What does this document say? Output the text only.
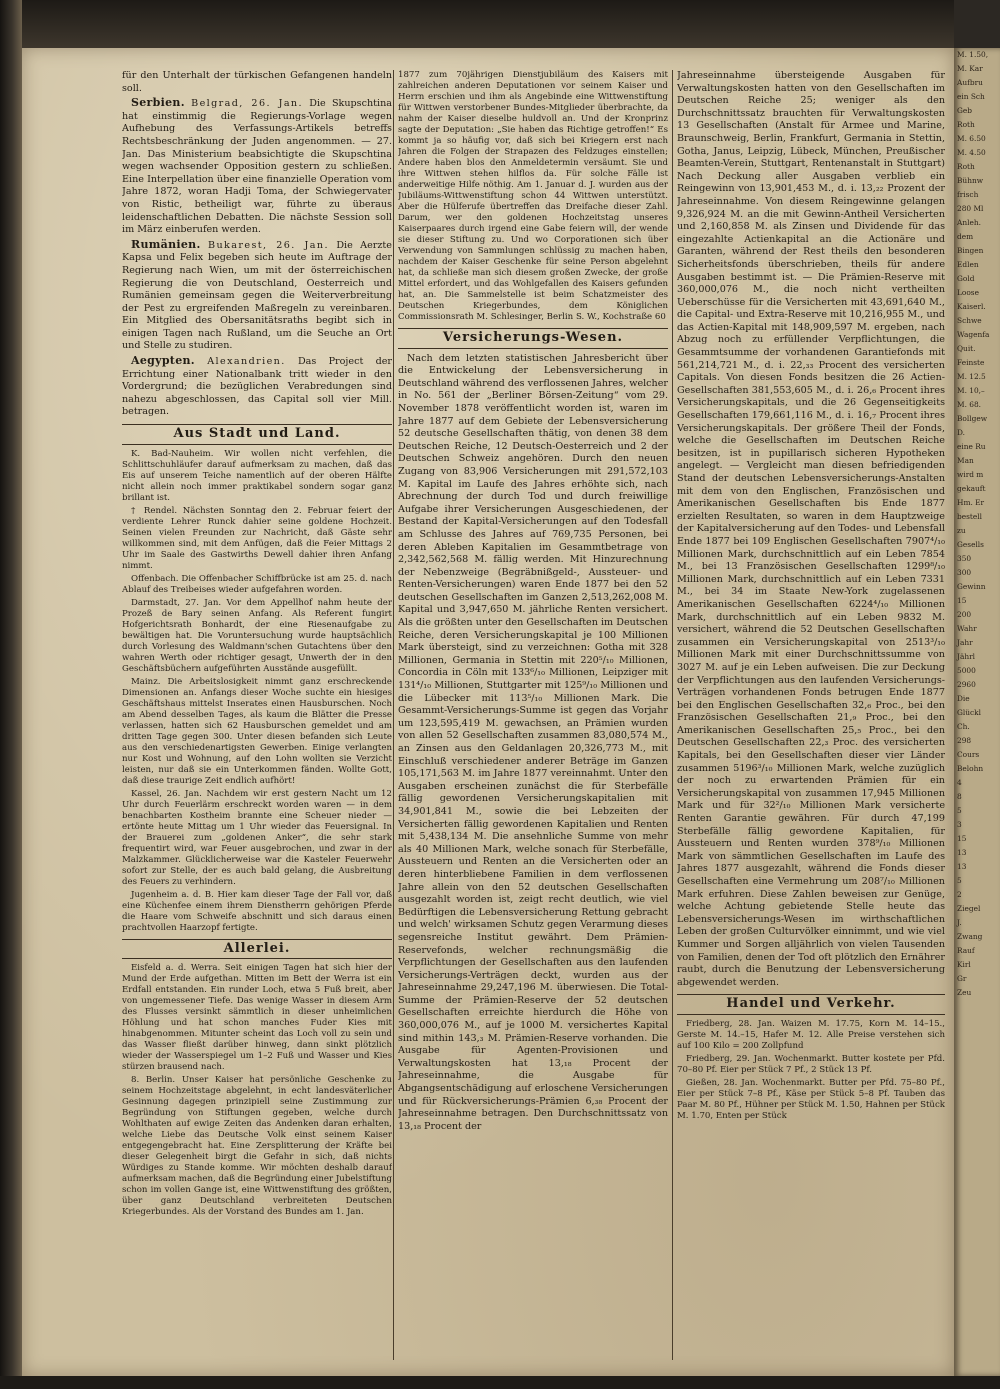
für den Unterhalt der türkischen Gefangenen handeln soll.

Serbien. Belgrad, 26. Jan. Die Skupschtina hat einstimmig die Regierungs-Vorlage wegen Aufhebung des Verfassungs-Artikels betreffs Rechtsbeschränkung der Juden angenommen. — 27. Jan. Das Ministerium beabsichtigte die Skupschtina wegen wachsender Opposition gestern zu schließen. Eine Interpellation über eine finanzielle Operation vom Jahre 1872, woran Hadji Toma, der Schwiegervater von Ristic, betheiligt war, führte zu überaus leidenschaftlichen Debatten. Die nächste Session soll im März einberufen werden.

Rumänien. Bukarest, 26. Jan. Die Aerzte Kapsa und Felix begeben sich heute im Auftrage der Regierung nach Wien, um mit der österreichischen Regierung die von Deutschland, Oesterreich und Rumänien gemeinsam gegen die Weiterverbreitung der Pest zu ergreifenden Maßregeln zu vereinbaren. Ein Mitglied des Obersanitätsraths begibt sich in einigen Tagen nach Rußland, um die Seuche an Ort und Stelle zu studiren.

Aegypten. Alexandrien. Das Project der Errichtung einer Nationalbank tritt wieder in den Vordergrund; die bezüglichen Verabredungen sind nahezu abgeschlossen, das Capital soll vier Mill. betragen.

Aus Stadt und Land.

K. Bad-Nauheim. Wir wollen nicht verfehlen, die Schlittschuhläufer darauf aufmerksam zu machen, daß das Eis auf unserem Teiche namentlich auf der oberen Hälfte nicht allein noch immer praktikabel sondern sogar ganz brillant ist.

† Rendel. Nächsten Sonntag den 2. Februar feiert der verdiente Lehrer Runck dahier seine goldene Hochzeit. Seinen vielen Freunden zur Nachricht, daß Gäste sehr willkommen sind, mit dem Anfügen, daß die Feier Mittags 2 Uhr im Saale des Gastwirths Dewell dahier ihren Anfang nimmt.

Offenbach. Die Offenbacher Schiffbrücke ist am 25. d. nach Ablauf des Treibeises wieder aufgefahren worden.

Darmstadt, 27. Jan. Vor dem Appellhof nahm heute der Prozeß de Bary seinen Anfang. Als Referent fungirt Hofgerichtsrath Bonhardt, der eine Riesenaufgabe zu bewältigen hat. Die Voruntersuchung wurde hauptsächlich durch Vorlesung des Waldmann'schen Gutachtens über den wahren Werth oder richtiger gesagt, Unwerth der in den Geschäftsbüchern aufgeführten Ausstände ausgefüllt.

Mainz. Die Arbeitslosigkeit nimmt ganz erschreckende Dimensionen an. Anfangs dieser Woche suchte ein hiesiges Geschäftshaus mittelst Inserates einen Hausburschen. Noch am Abend desselben Tages, als kaum die Blätter die Presse verlassen, hatten sich 62 Hausburschen gemeldet und am dritten Tage gegen 300. Unter diesen befanden sich Leute aus den verschiedenartigsten Gewerben. Einige verlangten nur Kost und Wohnung, auf den Lohn wollten sie Verzicht leisten, nur daß sie ein Unterkommen fänden. Wollte Gott, daß diese traurige Zeit endlich aufhört!

Kassel, 26. Jan. Nachdem wir erst gestern Nacht um 12 Uhr durch Feuerlärm erschreckt worden waren — in dem benachbarten Kostheim brannte eine Scheuer nieder — ertönte heute Mittag um 1 Uhr wieder das Feuersignal. In der Brauerei zum „goldenen Anker“, die sehr stark frequentirt wird, war Feuer ausgebrochen, und zwar in der Malzkammer. Glücklicherweise war die Kasteler Feuerwehr sofort zur Stelle, der es auch bald gelang, die Ausbreitung des Feuers zu verhindern.

Jugenheim a. d. B. Hier kam dieser Tage der Fall vor, daß eine Küchenfee einem ihrem Dienstherrn gehörigen Pferde die Haare vom Schweife abschnitt und sich daraus einen prachtvollen Haarzopf fertigte.

Allerlei.

Eisfeld a. d. Werra. Seit einigen Tagen hat sich hier der Mund der Erde aufgethan. Mitten im Bett der Werra ist ein Erdfall entstanden. Ein runder Loch, etwa 5 Fuß breit, aber von ungemessener Tiefe. Das wenige Wasser in diesem Arm des Flusses versinkt sämmtlich in dieser unheimlichen Höhlung und hat schon manches Fuder Kies mit hinabgenommen. Mitunter scheint das Loch voll zu sein und das Wasser fließt darüber hinweg, dann sinkt plötzlich wieder der Wasserspiegel um 1–2 Fuß und Wasser und Kies stürzen brausend nach.

8. Berlin. Unser Kaiser hat persönliche Geschenke zu seinem Hochzeitstage abgelehnt, in echt landesväterlicher Gesinnung dagegen prinzipiell seine Zustimmung zur Begründung von Stiftungen gegeben, welche durch Wohlthaten auf ewige Zeiten das Andenken daran erhalten, welche Liebe das Deutsche Volk einst seinem Kaiser entgegengebracht hat. Eine Zersplitterung der Kräfte bei dieser Gelegenheit birgt die Gefahr in sich, daß nichts Würdiges zu Stande komme. Wir möchten deshalb darauf aufmerksam machen, daß die Begründung einer Jubelstiftung schon im vollen Gange ist, eine Wittwenstiftung des größten, über ganz Deutschland verbreiteten Deutschen Kriegerbundes. Als der Vorstand des Bundes am 1. Jan.

1877 zum 70jährigen Dienstjubiläum des Kaisers mit zahlreichen anderen Deputationen vor seinem Kaiser und Herrn erschien und ihm als Angebinde eine Wittwenstiftung für Wittwen verstorbener Bundes-Mitglieder überbrachte, da nahm der Kaiser dieselbe huldvoll an. Und der Kronprinz sagte der Deputation: „Sie haben das Richtige getroffen!“ Es kommt ja so häufig vor, daß sich bei Kriegern erst nach Jahren die Folgen der Strapazen des Feldzuges einstellen; Andere haben blos den Anmeldetermin versäumt. Sie und ihre Wittwen stehen hilflos da. Für solche Fälle ist anderweitige Hilfe nöthig. Am 1. Januar d. J. wurden aus der Jubiläums-Wittwenstiftung schon 44 Wittwen unterstützt. Aber die Hülferufe übertreffen das Dreifache dieser Zahl. Darum, wer den goldenen Hochzeitstag unseres Kaiserpaares durch irgend eine Gabe feiern will, der wende sie dieser Stiftung zu. Und wo Corporationen sich über Verwendung von Sammlungen schlüssig zu machen haben, nachdem der Kaiser Geschenke für seine Person abgelehnt hat, da schließe man sich diesem großen Zwecke, der große Mittel erfordert, und das Wohlgefallen des Kaisers gefunden hat, an. Die Sammelstelle ist beim Schatzmeister des Deutschen Kriegerbundes, dem Königlichen Commissionsrath M. Schlesinger, Berlin S. W., Kochstraße 60

Versicherungs-Wesen.

Nach dem letzten statistischen Jahresbericht über die Entwickelung der Lebensversicherung in Deutschland während des verflossenen Jahres, welcher in No. 561 der „Berliner Börsen-Zeitung“ vom 29. November 1878 veröffentlicht worden ist, waren im Jahre 1877 auf dem Gebiete der Lebensversicherung 52 deutsche Gesellschaften thätig, von denen 38 dem Deutschen Reiche, 12 Deutsch-Oesterreich und 2 der Deutschen Schweiz angehören. Durch den neuen Zugang von 83,906 Versicherungen mit 291,572,103 M. Kapital im Laufe des Jahres erhöhte sich, nach Abrechnung der durch Tod und durch freiwillige Aufgabe ihrer Versicherungen Ausgeschiedenen, der Bestand der Kapital-Versicherungen auf den Todesfall am Schlusse des Jahres auf 769,735 Personen, bei deren Ableben Kapitalien im Gesammtbetrage von 2,342,562,568 M. fällig werden. Mit Hinzurechnung der Nebenzweige (Begräbnißgeld-, Aussteuer- und Renten-Versicherungen) waren Ende 1877 bei den 52 deutschen Gesellschaften im Ganzen 2,513,262,008 M. Kapital und 3,947,650 M. jährliche Renten versichert. Als die größten unter den Gesellschaften im Deutschen Reiche, deren Versicherungskapital je 100 Millionen Mark übersteigt, sind zu verzeichnen: Gotha mit 328 Millionen, Germania in Stettin mit 220⁵/₁₀ Millionen, Concordia in Cöln mit 133⁶/₁₀ Millionen, Leipziger mit 131⁴/₁₀ Millionen, Stuttgarter mit 125⁹/₁₀ Millionen und die Lübecker mit 113⁵/₁₀ Millionen Mark. Die Gesammt-Versicherungs-Summe ist gegen das Vorjahr um 123,595,419 M. gewachsen, an Prämien wurden von allen 52 Gesellschaften zusammen 83,080,574 M., an Zinsen aus den Geldanlagen 20,326,773 M., mit Einschluß verschiedener anderer Beträge im Ganzen 105,171,563 M. im Jahre 1877 vereinnahmt. Unter den Ausgaben erscheinen zunächst die für Sterbefälle fällig gewordenen Versicherungskapitalien mit 34,901,841 M., sowie die bei Lebzeiten der Versicherten fällig gewordenen Kapitalien und Renten mit 5,438,134 M. Die ansehnliche Summe von mehr als 40 Millionen Mark, welche sonach für Sterbefälle, Aussteuern und Renten an die Versicherten oder an deren hinterbliebene Familien in dem verflossenen Jahre allein von den 52 deutschen Gesellschaften ausgezahlt worden ist, zeigt recht deutlich, wie viel Bedürftigen die Lebensversicherung Rettung gebracht und welch' wirksamen Schutz gegen Verarmung dieses segensreiche Institut gewährt. Dem Prämien-Reservefonds, welcher rechnungsmäßig die Verpflichtungen der Gesellschaften aus den laufenden Versicherungs-Verträgen deckt, wurden aus der Jahreseinnahme 29,247,196 M. überwiesen. Die Total-Summe der Prämien-Reserve der 52 deutschen Gesellschaften erreichte hierdurch die Höhe von 360,000,076 M., auf je 1000 M. versichertes Kapital sind mithin 143,₃ M. Prämien-Reserve vorhanden. Die Ausgabe für Agenten-Provisionen und Verwaltungskosten hat 13,₁₈ Procent der Jahreseinnahme, die Ausgabe für Abgangsentschädigung auf erloschene Versicherungen und für Rückversicherungs-Prämien 6,₃₈ Procent der Jahreseinnahme betragen. Den Durchschnittssatz von 13,₁₈ Procent der

Jahreseinnahme übersteigende Ausgaben für Verwaltungskosten hatten von den Gesellschaften im Deutschen Reiche 25; weniger als den Durchschnittssatz brauchten für Verwaltungskosten 13 Gesellschaften (Anstalt für Armee und Marine, Braunschweig, Berlin, Frankfurt, Germania in Stettin, Gotha, Janus, Leipzig, Lübeck, München, Preußischer Beamten-Verein, Stuttgart, Rentenanstalt in Stuttgart) Nach Deckung aller Ausgaben verblieb ein Reingewinn von 13,901,453 M., d. i. 13,₂₂ Prozent der Jahreseinnahme. Von diesem Reingewinne gelangen 9,326,924 M. an die mit Gewinn-Antheil Versicherten und 2,160,858 M. als Zinsen und Dividende für das eingezahlte Actienkapital an die Actionäre und Garanten, während der Rest theils den besonderen Sicherheitsfonds überschrieben, theils für andere Ausgaben bestimmt ist. — Die Prämien-Reserve mit 360,000,076 M., die noch nicht vertheilten Ueberschüsse für die Versicherten mit 43,691,640 M., die Capital- und Extra-Reserve mit 10,216,955 M., und das Actien-Kapital mit 148,909,597 M. ergeben, nach Abzug noch zu erfüllender Verpflichtungen, die Gesammtsumme der vorhandenen Garantiefonds mit 561,214,721 M., d. i. 22,₃₃ Procent des versicherten Capitals. Von diesen Fonds besitzen die 26 Actien-Gesellschaften 381,553,605 M., d. i. 26,₆ Procent ihres Versicherungskapitals, und die 26 Gegenseitigkeits Gesellschaften 179,661,116 M., d. i. 16,₇ Procent ihres Versicherungskapitals. Der größere Theil der Fonds, welche die Gesellschaften im Deutschen Reiche besitzen, ist in pupillarisch sicheren Hypotheken angelegt. — Vergleicht man diesen befriedigenden Stand der deutschen Lebensversicherungs-Anstalten mit dem von den Englischen, Französischen und Amerikanischen Gesellschaften bis Ende 1877 erzielten Resultaten, so waren in dem Hauptzweige der Kapitalversicherung auf den Todes- und Lebensfall Ende 1877 bei 109 Englischen Gesellschaften 7907⁴/₁₀ Millionen Mark, durchschnittlich auf ein Leben 7854 M., bei 13 Französischen Gesellschaften 1299⁸/₁₀ Millionen Mark, durchschnittlich auf ein Leben 7331 M., bei 34 im Staate New-York zugelassenen Amerikanischen Gesellschaften 6224⁴/₁₀ Millionen Mark, durchschnittlich auf ein Leben 9832 M. versichert, während die 52 Deutschen Gesellschaften zusammen ein Versicherungskapital von 2513³/₁₀ Millionen Mark mit einer Durchschnittssumme von 3027 M. auf je ein Leben aufweisen. Die zur Deckung der Verpflichtungen aus den laufenden Versicherungs-Verträgen vorhandenen Fonds betrugen Ende 1877 bei den Englischen Gesellschaften 32,₆ Proc., bei den Französischen Gesellschaften 21,₉ Proc., bei den Amerikanischen Gesellschaften 25,₅ Proc., bei den Deutschen Gesellschaften 22,₃ Proc. des versicherten Kapitals, bei den Gesellschaften dieser vier Länder zusammen 5196³/₁₀ Millionen Mark, welche zuzüglich der noch zu erwartenden Prämien für ein Versicherungskapital von zusammen 17,945 Millionen Mark und für 32²/₁₀ Millionen Mark versicherte Renten Garantie gewähren. Für durch 47,199 Sterbefälle fällig gewordene Kapitalien, für Aussteuern und Renten wurden 378⁹/₁₀ Millionen Mark von sämmtlichen Gesellschaften im Laufe des Jahres 1877 ausgezahlt, während die Fonds dieser Gesellschaften eine Vermehrung um 208⁷/₁₀ Millionen Mark erfuhren. Diese Zahlen beweisen zur Genüge, welche Achtung gebietende Stelle heute das Lebensversicherungs-Wesen im wirthschaftlichen Leben der großen Culturvölker einnimmt, und wie viel Kummer und Sorgen alljährlich von vielen Tausenden von Familien, denen der Tod oft plötzlich den Ernährer raubt, durch die Benutzung der Lebensversicherung abgewendet werden.

Handel und Verkehr.

Friedberg, 28. Jan. Waizen M. 17.75, Korn M. 14–15., Gerste M. 14.–15, Hafer M. 12. Alle Preise verstehen sich auf 100 Kilo = 200 Zollpfund

Friedberg, 29. Jan. Wochenmarkt. Butter kostete per Pfd. 70–80 Pf. Eier per Stück 7 Pf., 2 Stück 13 Pf.

Gießen, 28. Jan. Wochenmarkt. Butter per Pfd. 75–80 Pf., Eier per Stück 7–8 Pf., Käse per Stück 5–8 Pf. Tauben das Paar M. 80 Pf., Hühner per Stück M. 1.50, Hahnen per Stück M. 1.70, Enten per Stück

M. 1.50,
M. Kar
Aufbru
ein Sch
Geb
Roth
M. 6.50
M. 4.50
Roth
Bühnw
frisch
280 Ml
Anleh.
dem
Bingen
Edlen
Gold
Loose
Kaiserl.
Schwe
Wagenfa
Quit.
Feinste
M. 12.5
M. 10,–
M. 68.
Bollgew
D.
eine Ru
Man
wird m
gekauft
Hm. Er
bestell
zu
Gesells
350
300
Gewinn
15
200
Wahr
Jahr
Jährl
5000
2960
Die
Glückl
Ch.
298
Cours
Belohn
4
8
5
3
15
13
13
5
2
Ziegel
J.
Zwang
Rauf
Kirl
Gr
Zeu
